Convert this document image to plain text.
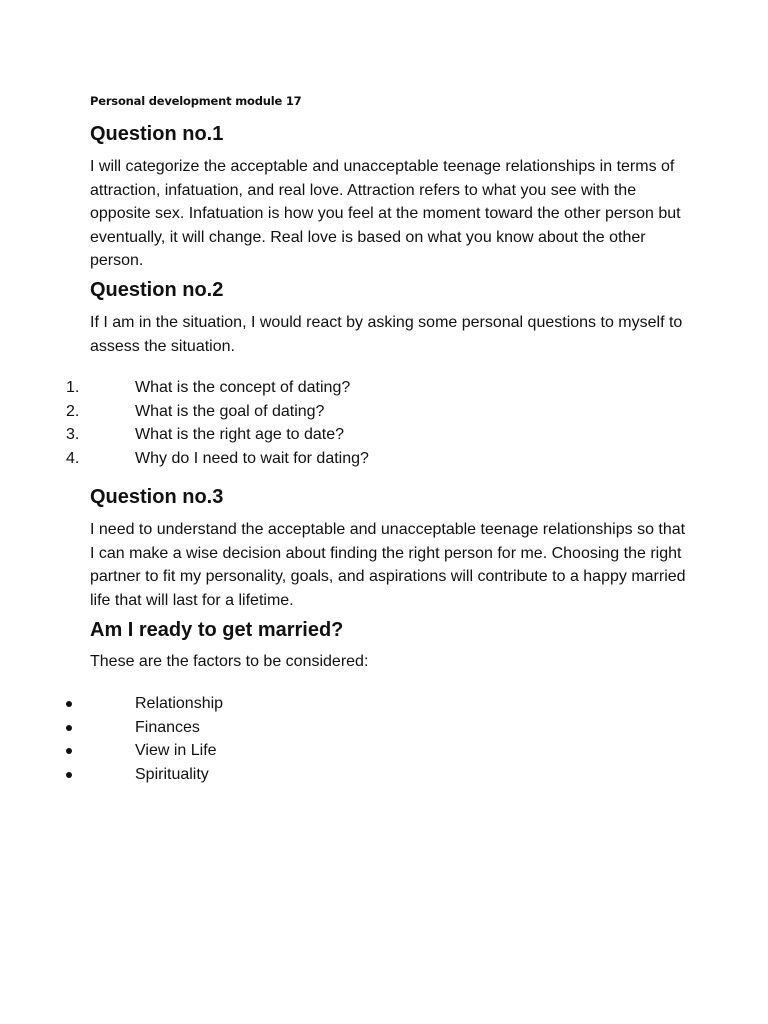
Personal development module 17
Question no.1

I will categorize the acceptable and unacceptable teenage relationships in terms of attraction, infatuation, and real love. Attraction refers to what you see with the opposite sex. Infatuation is how you feel at the moment toward the other person but eventually, it will change. Real love is based on what you know about the other person.

Question no.2

If I am in the situation, I would react by asking some personal questions to myself to assess the situation.

1.	What is the concept of dating?
2.	What is the goal of dating?
3.	What is the right age to date?
4.	Why do I need to wait for dating?
Question no.3

I need to understand the acceptable and unacceptable teenage relationships so that I can make a wise decision about finding the right person for me. Choosing the right partner to fit my personality, goals, and aspirations will contribute to a happy married life that will last for a lifetime.

Am I ready to get married?

These are the factors to be considered:

Relationship
Finances
View in Life
Spirituality
